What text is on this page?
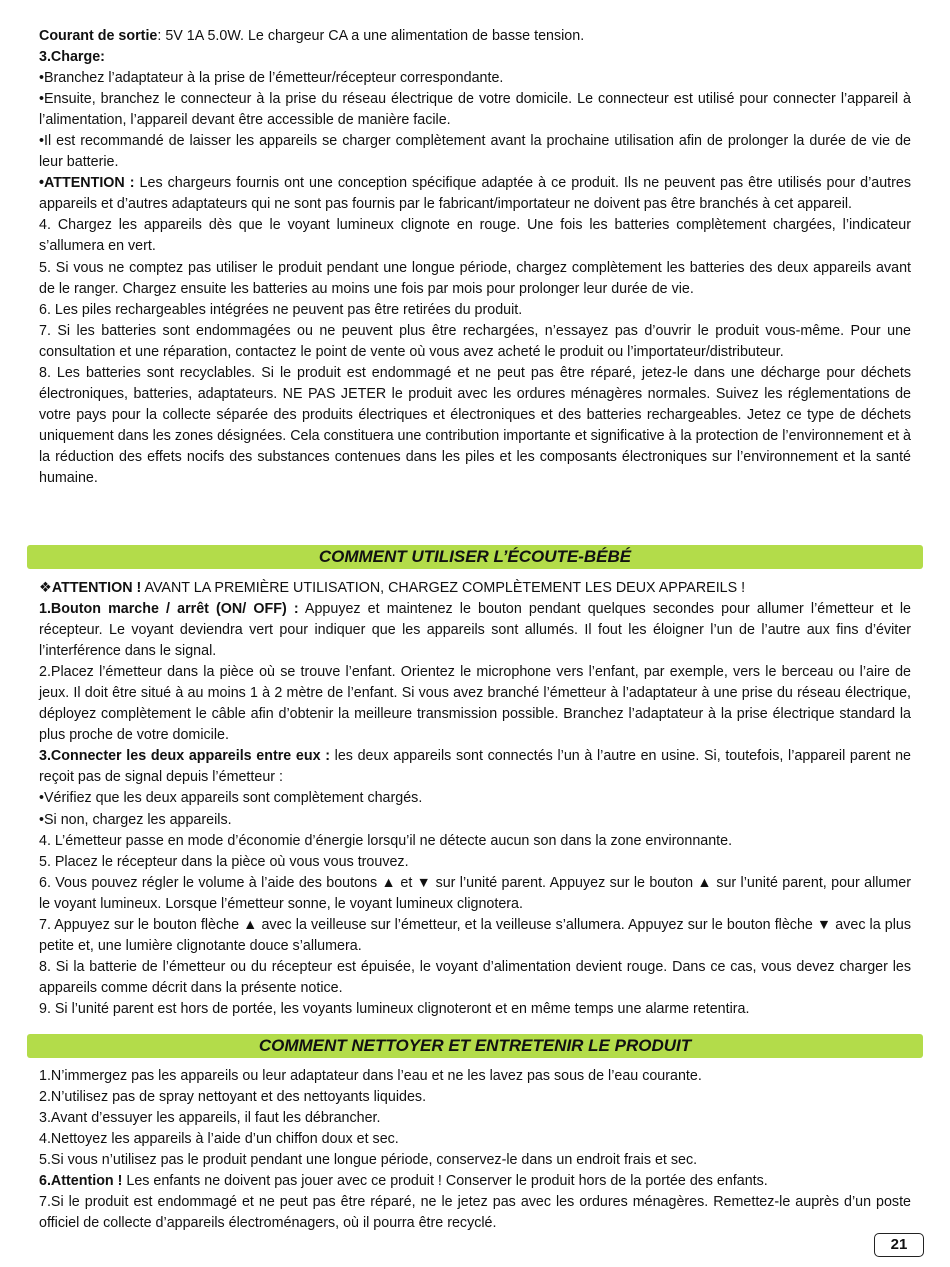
Courant de sortie: 5V 1A 5.0W. Le chargeur CA a une alimentation de basse tension.

3.Charge:

•Branchez l’adaptateur à la prise de l’émetteur/récepteur correspondante.

•Ensuite, branchez le connecteur à la prise du réseau électrique de votre domicile. Le connecteur est utilisé pour connecter l’appareil à l’alimentation, l’appareil devant être accessible de manière facile.

•Il est recommandé de laisser les appareils se charger complètement avant la prochaine utilisation afin de prolonger la durée de vie de leur batterie.

•ATTENTION : Les chargeurs fournis ont une conception spécifique adaptée à ce produit. Ils ne peuvent pas être utilisés pour d’autres appareils et d’autres adaptateurs qui ne sont pas fournis par le fabricant/importateur ne doivent pas être branchés à cet appareil.

4. Chargez les appareils dès que le voyant lumineux clignote en rouge. Une fois les batteries complètement chargées, l’indicateur s’allumera en vert.

5. Si vous ne comptez pas utiliser le produit pendant une longue période, chargez complètement les batteries des deux appareils avant de le ranger. Chargez ensuite les batteries au moins une fois par mois pour prolonger leur durée de vie.

6. Les piles rechargeables intégrées ne peuvent pas être retirées du produit.

7. Si les batteries sont endommagées ou ne peuvent plus être rechargées, n’essayez pas d’ouvrir le produit vous-même. Pour une consultation et une réparation, contactez le point de vente où vous avez acheté le produit ou l’importateur/distributeur.

8. Les batteries sont recyclables. Si le produit est endommagé et ne peut pas être réparé, jetez-le dans une décharge pour déchets électroniques, batteries, adaptateurs. NE PAS JETER le produit avec les ordures ménagères normales. Suivez les réglementations de votre pays pour la collecte séparée des produits électriques et électroniques et des batteries rechargeables. Jetez ce type de déchets uniquement dans les zones désignées. Cela constituera une contribution importante et significative à la protection de l’environnement et à la réduction des effets nocifs des substances contenues dans les piles et les composants électroniques sur l’environnement et la santé humaine.

COMMENT UTILISER L’ÉCOUTE-BÉBÉ

❖ATTENTION ! AVANT LA PREMIÈRE UTILISATION, CHARGEZ COMPLÈTEMENT LES DEUX APPAREILS !

1.Bouton marche / arrêt (ON/ OFF) : Appuyez et maintenez le bouton pendant quelques secondes pour allumer l’émetteur et le récepteur. Le voyant deviendra vert pour indiquer que les appareils sont allumés. Il fout les éloigner l’un de l’autre aux fins d’éviter l’interférence dans le signal.

2.Placez l’émetteur dans la pièce où se trouve l’enfant. Orientez le microphone vers l’enfant, par exemple, vers le berceau ou l’aire de jeux. Il doit être situé à au moins 1 à 2 mètre de l’enfant. Si vous avez branché l’émetteur à l’adaptateur à une prise du réseau électrique, déployez complètement le câble afin d’obtenir la meilleure transmission possible. Branchez l’adaptateur à la prise électrique standard la plus proche de votre domicile.

3.Connecter les deux appareils entre eux : les deux appareils sont connectés l’un à l’autre en usine. Si, toutefois, l’appareil parent ne reçoit pas de signal depuis l’émetteur :

•Vérifiez que les deux appareils sont complètement chargés.

•Si non, chargez les appareils.

4. L’émetteur passe en mode d’économie d’énergie lorsqu’il ne détecte aucun son dans la zone environnante.

5. Placez le récepteur dans la pièce où vous vous trouvez.

6. Vous pouvez régler le volume à l’aide des boutons ▲ et ▼ sur l’unité parent. Appuyez sur le bouton ▲ sur l’unité parent, pour allumer le voyant lumineux. Lorsque l’émetteur sonne, le voyant lumineux clignotera.

7. Appuyez sur le bouton flèche ▲ avec la veilleuse sur l’émetteur, et la veilleuse s’allumera. Appuyez sur le bouton flèche ▼ avec la plus petite et, une lumière clignotante douce s’allumera.

8. Si la batterie de l’émetteur ou du récepteur est épuisée, le voyant d’alimentation devient rouge. Dans ce cas, vous devez charger les appareils comme décrit dans la présente notice.

9. Si l’unité parent est hors de portée, les voyants lumineux clignoteront et en même temps une alarme retentira.

COMMENT NETTOYER ET ENTRETENIR LE PRODUIT

1.N’immergez pas les appareils ou leur adaptateur dans l’eau et ne les lavez pas sous de l’eau courante.

2.N’utilisez pas de spray nettoyant et des nettoyants liquides.

3.Avant d’essuyer les appareils, il faut les débrancher.

4.Nettoyez les appareils à l’aide d’un chiffon doux et sec.

5.Si vous n’utilisez pas le produit pendant une longue période, conservez-le dans un endroit frais et sec.

6.Attention ! Les enfants ne doivent pas jouer avec ce produit ! Conserver le produit hors de la portée des enfants.

7.Si le produit est endommagé et ne peut pas être réparé, ne le jetez pas avec les ordures ménagères. Remettez-le auprès d’un poste officiel de collecte d’appareils électroménagers, où il pourra être recyclé.

21
